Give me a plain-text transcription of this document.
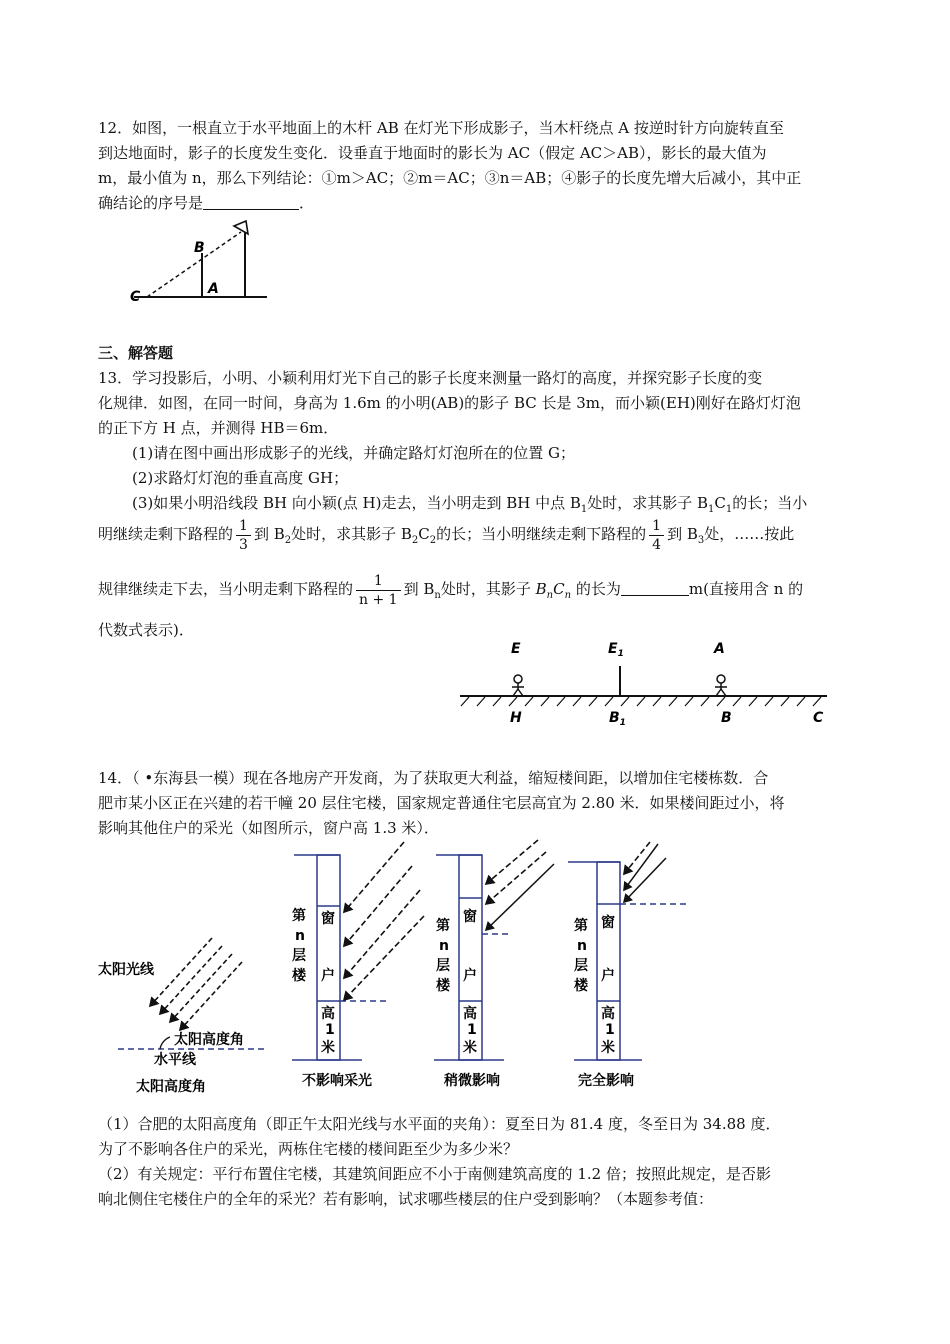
12．如图，一根直立于水平地面上的木杆 AB 在灯光下形成影子，当木杆绕点 A 按逆时针方向旋转直至
到达地面时，影子的长度发生变化．设垂直于地面时的影长为 AC（假定 AC＞AB），影长的最大值为
m，最小值为 n，那么下列结论：①m＞AC；②m＝AC；③n＝AB；④影子的长度先增大后减小，其中正
确结论的序号是	．
B
A
C
三、解答题
13．学习投影后，小明、小颖利用灯光下自己的影子长度来测量一路灯的高度，并探究影子长度的变
化规律．如图，在同一时间，身高为 1.6m 的小明(AB)的影子 BC 长是 3m，而小颖(EH)刚好在路灯灯泡
的正下方 H 点，并测得 HB＝6m．
(1)请在图中画出形成影子的光线，并确定路灯灯泡所在的位置 G；
(2)求路灯灯泡的垂直高度 GH；
(3)如果小明沿线段 BH 向小颖(点 H)走去，当小明走到 BH 中点 $B_1$处时，求其影子 $B_1C_1$的长；当小
明继续走剩下路程的 $\frac{1}{3}$ 到 $B_2$处时，求其影子 $B_2C_2$的长；当小明继续走剩下路程的 $\frac{1}{4}$ 到 $B_3$处，……按此
规律继续走下去，当小明走剩下路程的 $\frac{1}{n + 1}$ 到 $B_n$处时，其影子 $B_nC_n$ 的长为	m(直接用含 n 的
代数式表示)．
E	$E_1$	A
H	$B_1$	B	C
14．（ •东海县一模）现在各地房产开发商，为了获取更大利益，缩短楼间距，以增加住宅楼栋数．合
肥市某小区正在兴建的若干幢 20 层住宅楼，国家规定普通住宅层高宜为 2.80 米．如果楼间距过小，将
影响其他住户的采光（如图所示，窗户高 1.3 米）．
太阳光线
太阳高度角
水平线
太阳高度角
第
n
层
楼
窗
户
高
1
米
不影响采光
第
n
层
楼
窗
户
高
1
米
稍微影响
第
n
层
楼
窗
户
高
1
米
完全影响
（1）合肥的太阳高度角（即正午太阳光线与水平面的夹角）：夏至日为 81.4 度，冬至日为 34.88 度．
为了不影响各住户的采光，两栋住宅楼的楼间距至少为多少米？
（2）有关规定：平行布置住宅楼，其建筑间距应不小于南侧建筑高度的 1.2 倍；按照此规定，是否影
响北侧住宅楼住户的全年的采光？若有影响，试求哪些楼层的住户受到影响？（本题参考值：
